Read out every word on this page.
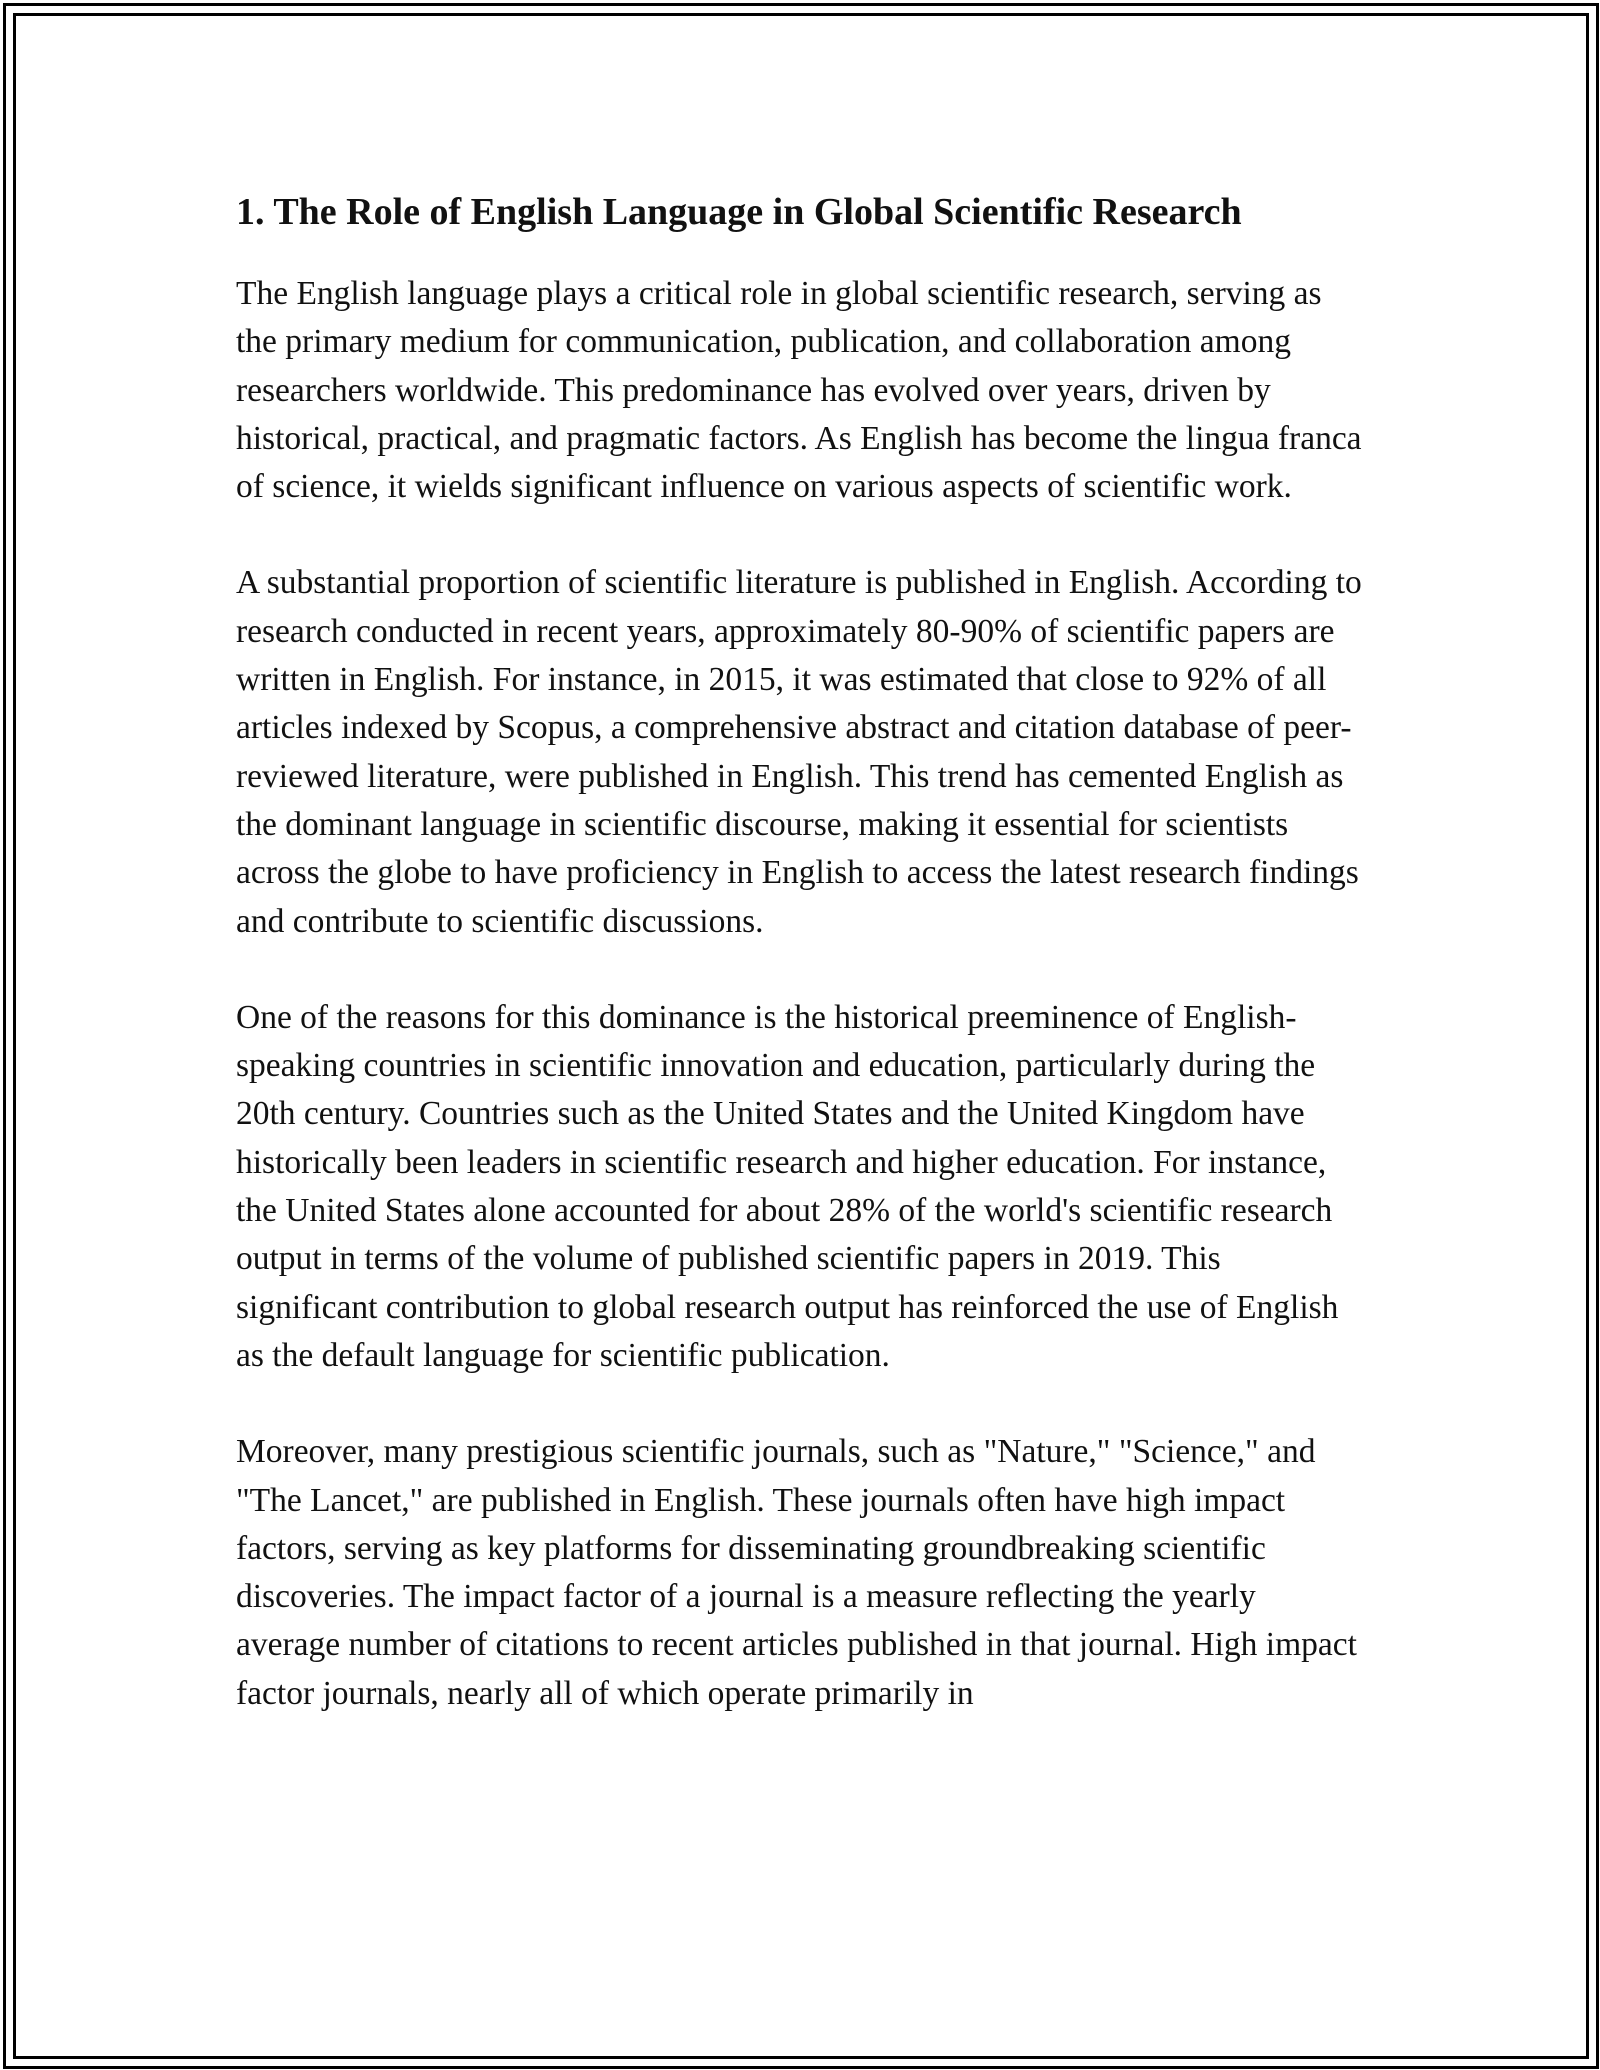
1. The Role of English Language in Global Scientific Research

The English language plays a critical role in global scientific research, serving as the primary medium for communication, publication, and collaboration among researchers worldwide. This predominance has evolved over years, driven by historical, practical, and pragmatic factors. As English has become the lingua franca of science, it wields significant influence on various aspects of scientific work.

A substantial proportion of scientific literature is published in English. According to research conducted in recent years, approximately 80-90% of scientific papers are written in English. For instance, in 2015, it was estimated that close to 92% of all articles indexed by Scopus, a comprehensive abstract and citation database of peer-reviewed literature, were published in English. This trend has cemented English as the dominant language in scientific discourse, making it essential for scientists across the globe to have proficiency in English to access the latest research findings and contribute to scientific discussions.

One of the reasons for this dominance is the historical preeminence of English-speaking countries in scientific innovation and education, particularly during the 20th century. Countries such as the United States and the United Kingdom have historically been leaders in scientific research and higher education. For instance, the United States alone accounted for about 28% of the world's scientific research output in terms of the volume of published scientific papers in 2019. This significant contribution to global research output has reinforced the use of English as the default language for scientific publication.

Moreover, many prestigious scientific journals, such as "Nature," "Science," and "The Lancet," are published in English. These journals often have high impact factors, serving as key platforms for disseminating groundbreaking scientific discoveries. The impact factor of a journal is a measure reflecting the yearly average number of citations to recent articles published in that journal. High impact factor journals, nearly all of which operate primarily in
